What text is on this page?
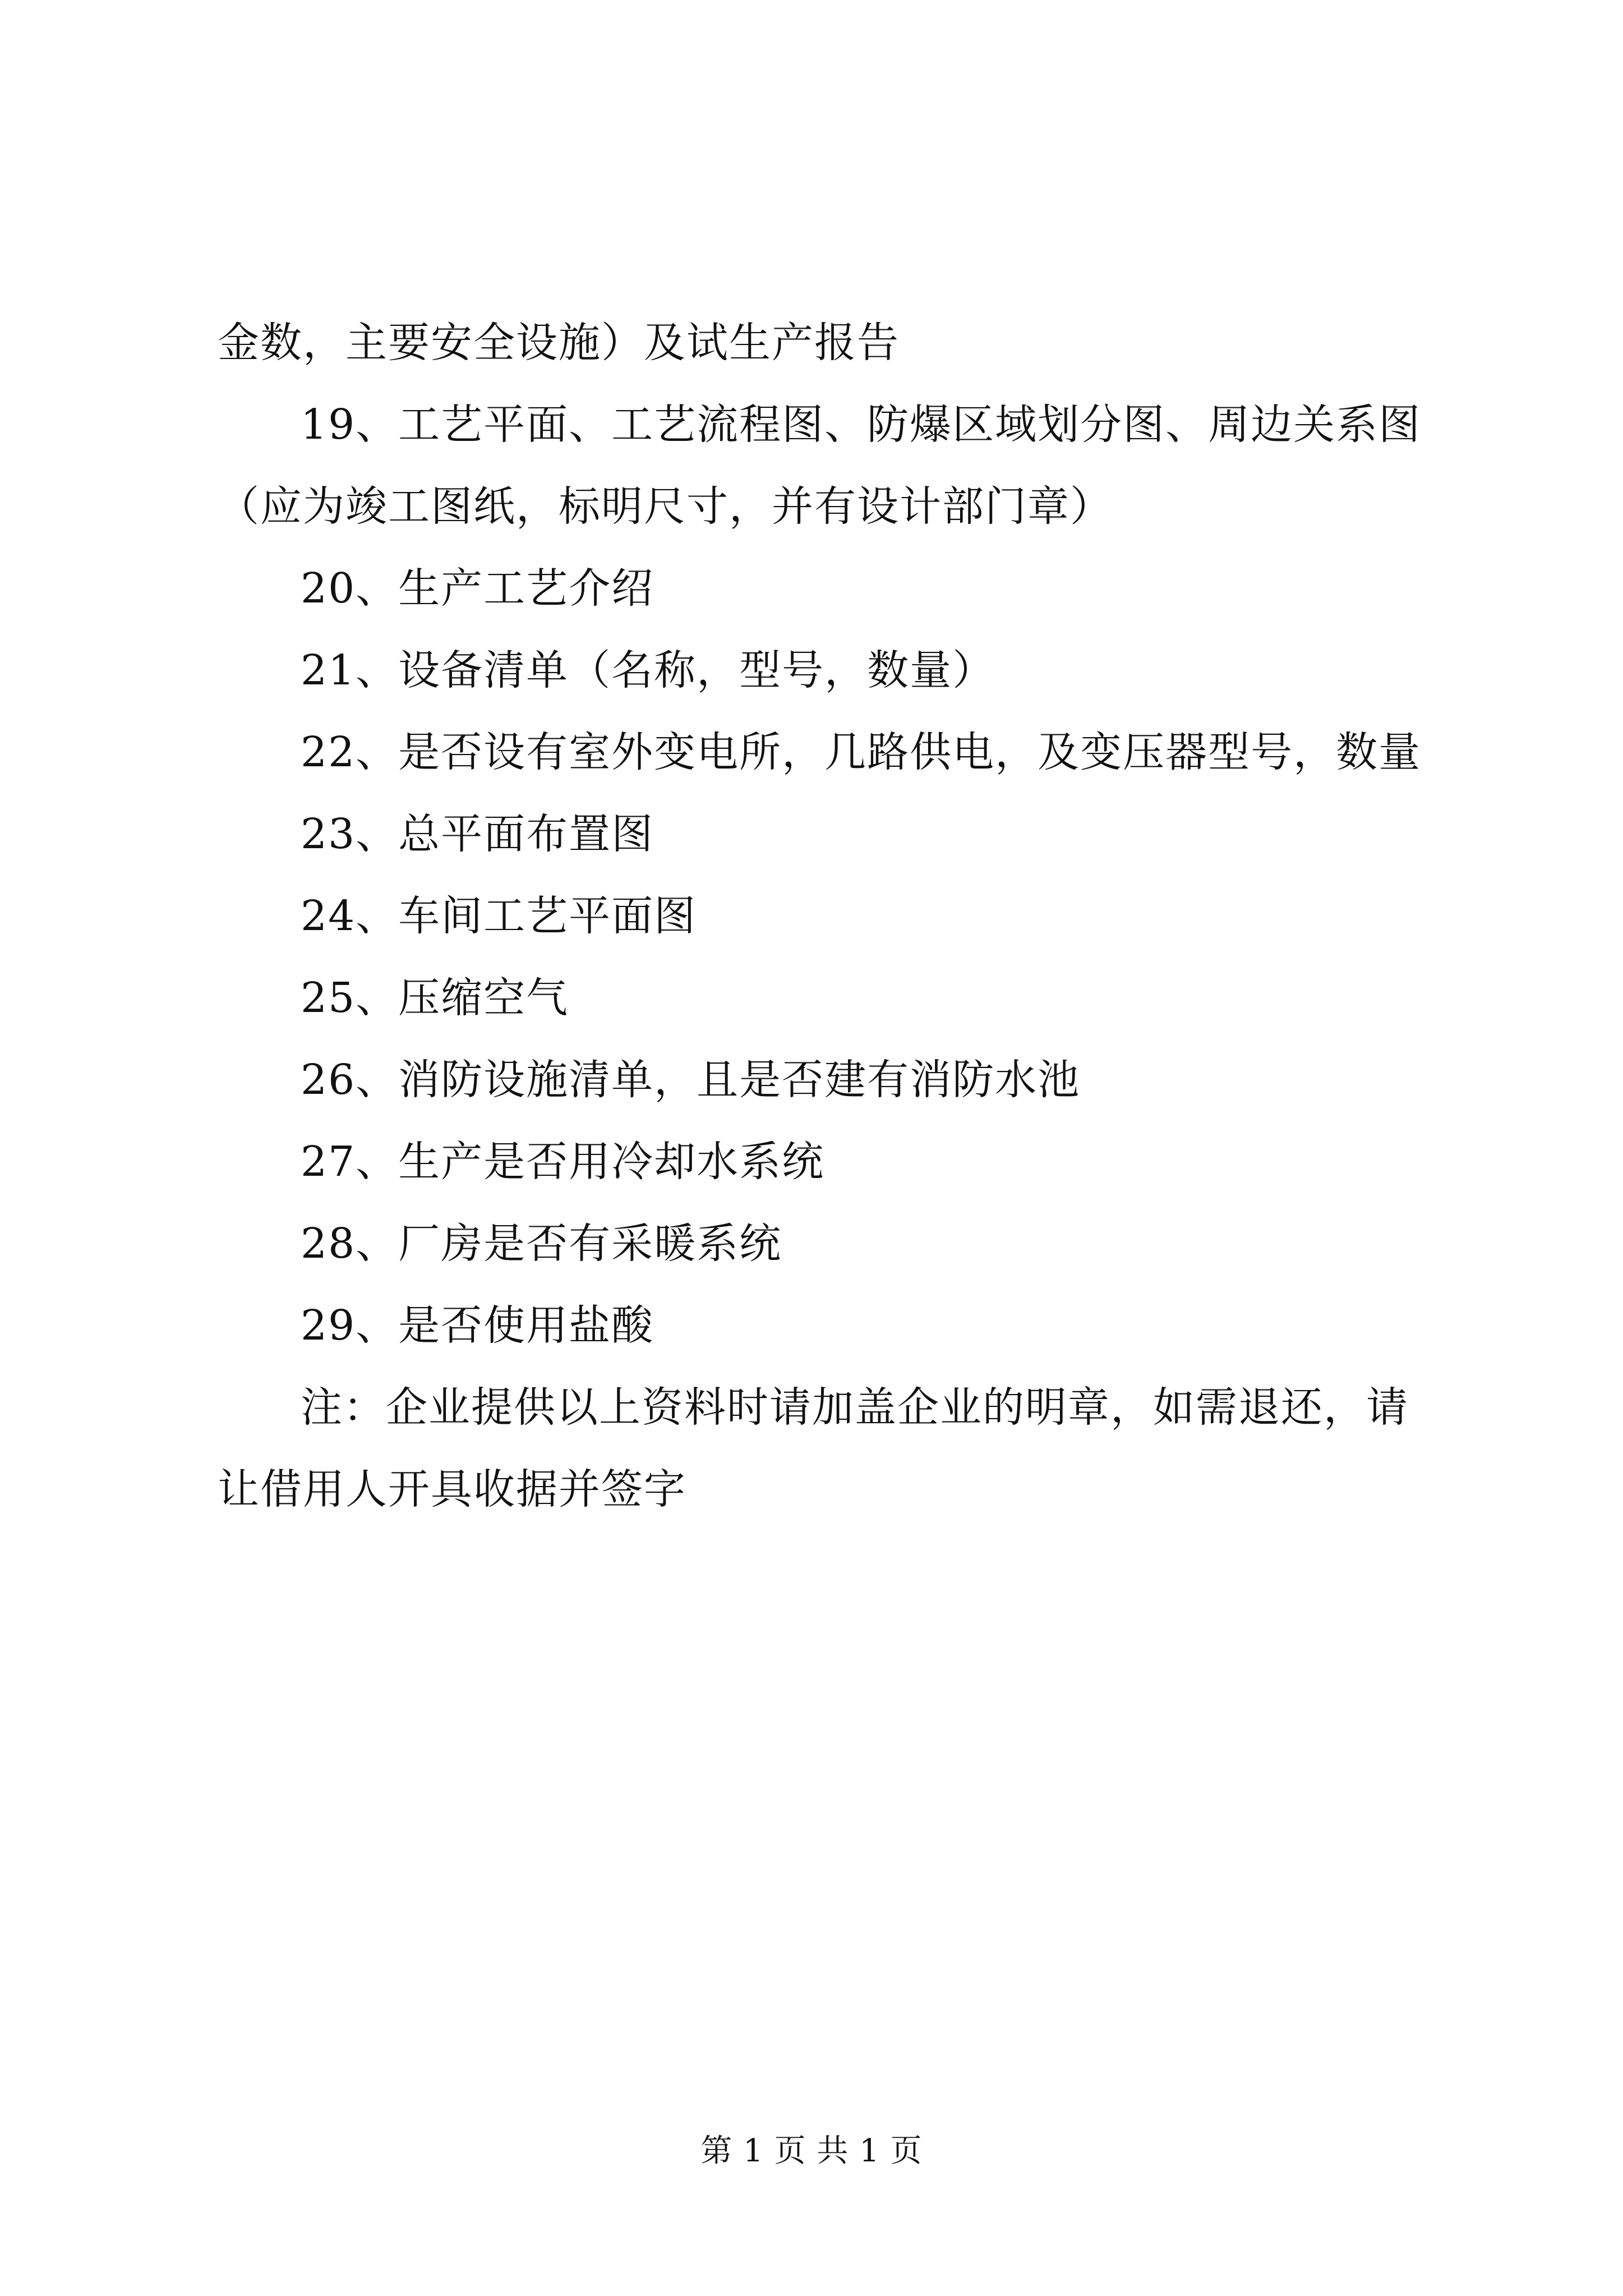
金数，主要安全设施）及试生产报告

19、工艺平面、工艺流程图、防爆区域划分图、周边关系图（应为竣工图纸，标明尺寸，并有设计部门章）

20、生产工艺介绍

21、设备清单（名称，型号，数量）

22、是否设有室外变电所，几路供电，及变压器型号，数量

23、总平面布置图

24、车间工艺平面图

25、压缩空气

26、消防设施清单，且是否建有消防水池

27、生产是否用冷却水系统

28、厂房是否有采暖系统

29、是否使用盐酸

注：企业提供以上资料时请加盖企业的明章，如需退还，请让借用人开具收据并签字

第 1 页 共 1 页
